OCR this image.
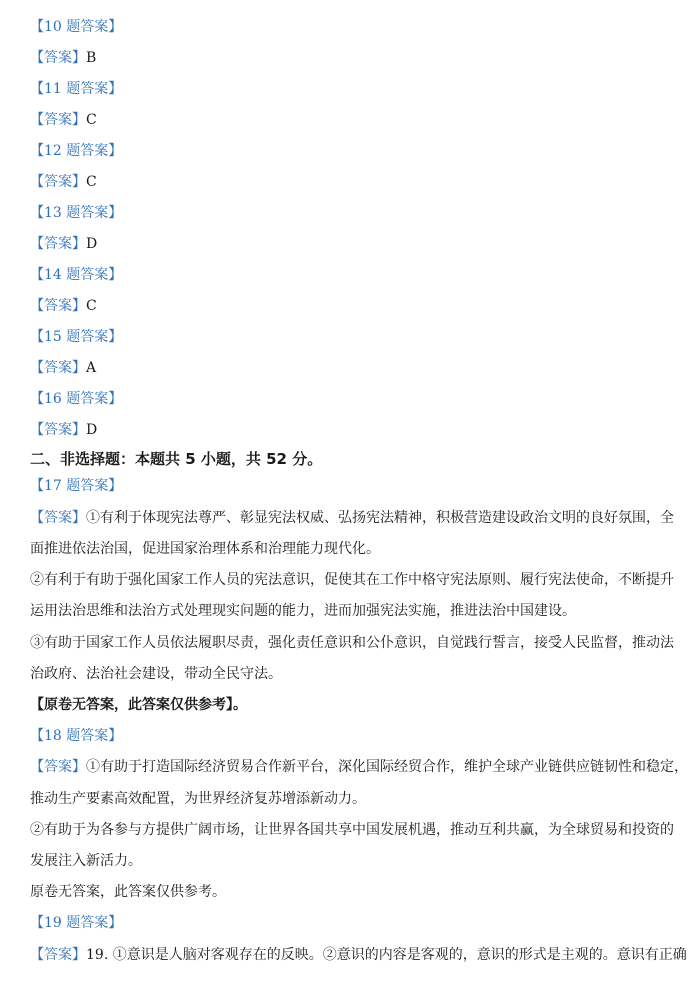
【10 题答案】
【答案】B
【11 题答案】
【答案】C
【12 题答案】
【答案】C
【13 题答案】
【答案】D
【14 题答案】
【答案】C
【15 题答案】
【答案】A
【16 题答案】
【答案】D
二、非选择题：本题共 5 小题，共 52 分。
【17 题答案】
【答案】①有利于体现宪法尊严、彰显宪法权威、弘扬宪法精神，积极营造建设政治文明的良好氛围，全
面推进依法治国，促进国家治理体系和治理能力现代化。
②有利于有助于强化国家工作人员的宪法意识，促使其在工作中格守宪法原则、履行宪法使命，不断提升
运用法治思维和法治方式处理现实问题的能力，进而加强宪法实施，推进法治中国建设。
③有助于国家工作人员依法履职尽责，强化责任意识和公仆意识，自觉践行誓言，接受人民监督，推动法
治政府、法治社会建设，带动全民守法。
【原卷无答案，此答案仅供参考】。
【18 题答案】
【答案】①有助于打造国际经济贸易合作新平台，深化国际经贸合作，维护全球产业链供应链韧性和稳定，
推动生产要素高效配置，为世界经济复苏增添新动力。
②有助于为各参与方提供广阔市场，让世界各国共享中国发展机遇，推动互利共赢，为全球贸易和投资的
发展注入新活力。
原卷无答案，此答案仅供参考。
【19 题答案】
【答案】19. ①意识是人脑对客观存在的反映。②意识的内容是客观的，意识的形式是主观的。意识有正确
